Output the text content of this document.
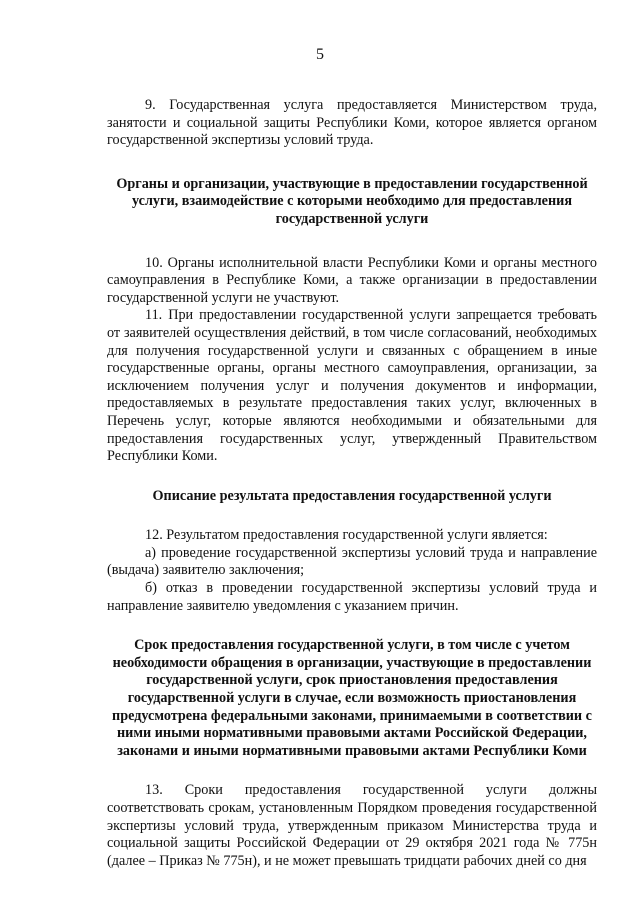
5

9. Государственная услуга предоставляется Министерством труда, занятости и социальной защиты Республики Коми, которое является органом государственной экспертизы условий труда.

Органы и организации, участвующие в предоставлении государственной услуги, взаимодействие с которыми необходимо для предоставления государственной услуги

10. Органы исполнительной власти Республики Коми и органы местного самоуправления в Республике Коми, а также организации в предоставлении государственной услуги не участвуют.

11. При предоставлении государственной услуги запрещается требовать от заявителей осуществления действий, в том числе согласований, необходимых для получения государственной услуги и связанных с обращением в иные государственные органы, органы местного самоуправления, организации, за исключением получения услуг и получения документов и информации, предоставляемых в результате предоставления таких услуг, включенных в Перечень услуг, которые являются необходимыми и обязательными для предоставления государственных услуг, утвержденный Правительством Республики Коми.

Описание результата предоставления государственной услуги

12. Результатом предоставления государственной услуги является:

а) проведение государственной экспертизы условий труда и направление (выдача) заявителю заключения;

б) отказ в проведении государственной экспертизы условий труда и направление заявителю уведомления с указанием причин.

Срок предоставления государственной услуги, в том числе с учетом необходимости обращения в организации, участвующие в предоставлении государственной услуги, срок приостановления предоставления государственной услуги в случае, если возможность приостановления предусмотрена федеральными законами, принимаемыми в соответствии с ними иными нормативными правовыми актами Российской Федерации, законами и иными нормативными правовыми актами Республики Коми

13. Сроки предоставления государственной услуги должны соответствовать срокам, установленным Порядком проведения государственной экспертизы условий труда, утвержденным приказом Министерства труда и социальной защиты Российской Федерации от 29 октября 2021 года № 775н (далее – Приказ № 775н), и не может превышать тридцати рабочих дней со дня
